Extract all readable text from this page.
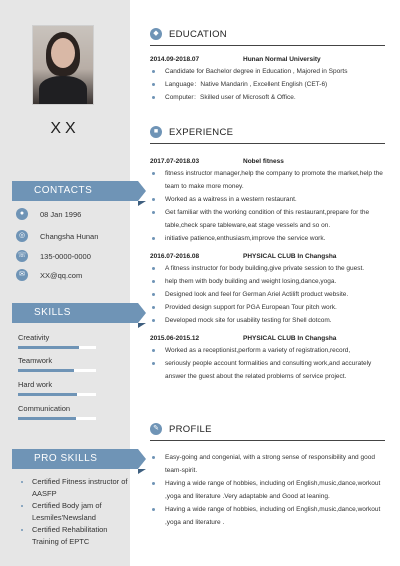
XX
CONTACTS
●	08 Jan 1996
◎	Changsha Hunan
☏ 135-0000-0000
✉	XX@qq.com
SKILLS
Creativity
Teamwork
Hard work
Communication
PRO SKILLS
• Certified Fitness instructor of AASFP
• Certified Body jam of Lesmiles'Newsland
• Certified Rehabilitation Training of EPTC
◆	EDUCATION
2014.09-2018.07	Hunan Normal University
Candidate for Bachelor degree in Education , Majored in Sports
Language：Native Mandarin , Excellent English (CET-6)
Computer：Skilled user of Microsoft & Office.
■	EXPERIENCE
2017.07-2018.03	Nobel fitness
fitness instructor manager,help the company to promote the market,help the team to make more money.
Worked as a waitress in a western restaurant.
Get familiar with the working condition of this restaurant,prepare for the table,check spare tableware,eat stage vessels and so on.
initiative patience,enthusiasm,improve the service work.
2016.07-2016.08	PHYSICAL CLUB In Changsha
A fitness instructor for body building,give private session to the guest.
help them with body building and weight losing,dance,yoga.
Designed look and feel for German Ariel Actilift product website.
Provided design support for PGA European Tour pitch work.
Developed mock site for usability testing for Shell dotcom.
2015.06-2015.12	PHYSICAL CLUB In Changsha
Worked as a receptionist,perform a variety of registration,record,
seriously people account formalities and consulting work,and accurately answer the guest about the related problems of service project.
✎	PROFILE
Easy-going and congenial, with a strong sense of responsibility and good team-spirit.
Having a wide range of hobbies, including orl English,music,dance,workout ,yoga and literature .Very adaptable and Good at leaning.
Having a wide range of hobbies, including orl English,music,dance,workout ,yoga and literature .
